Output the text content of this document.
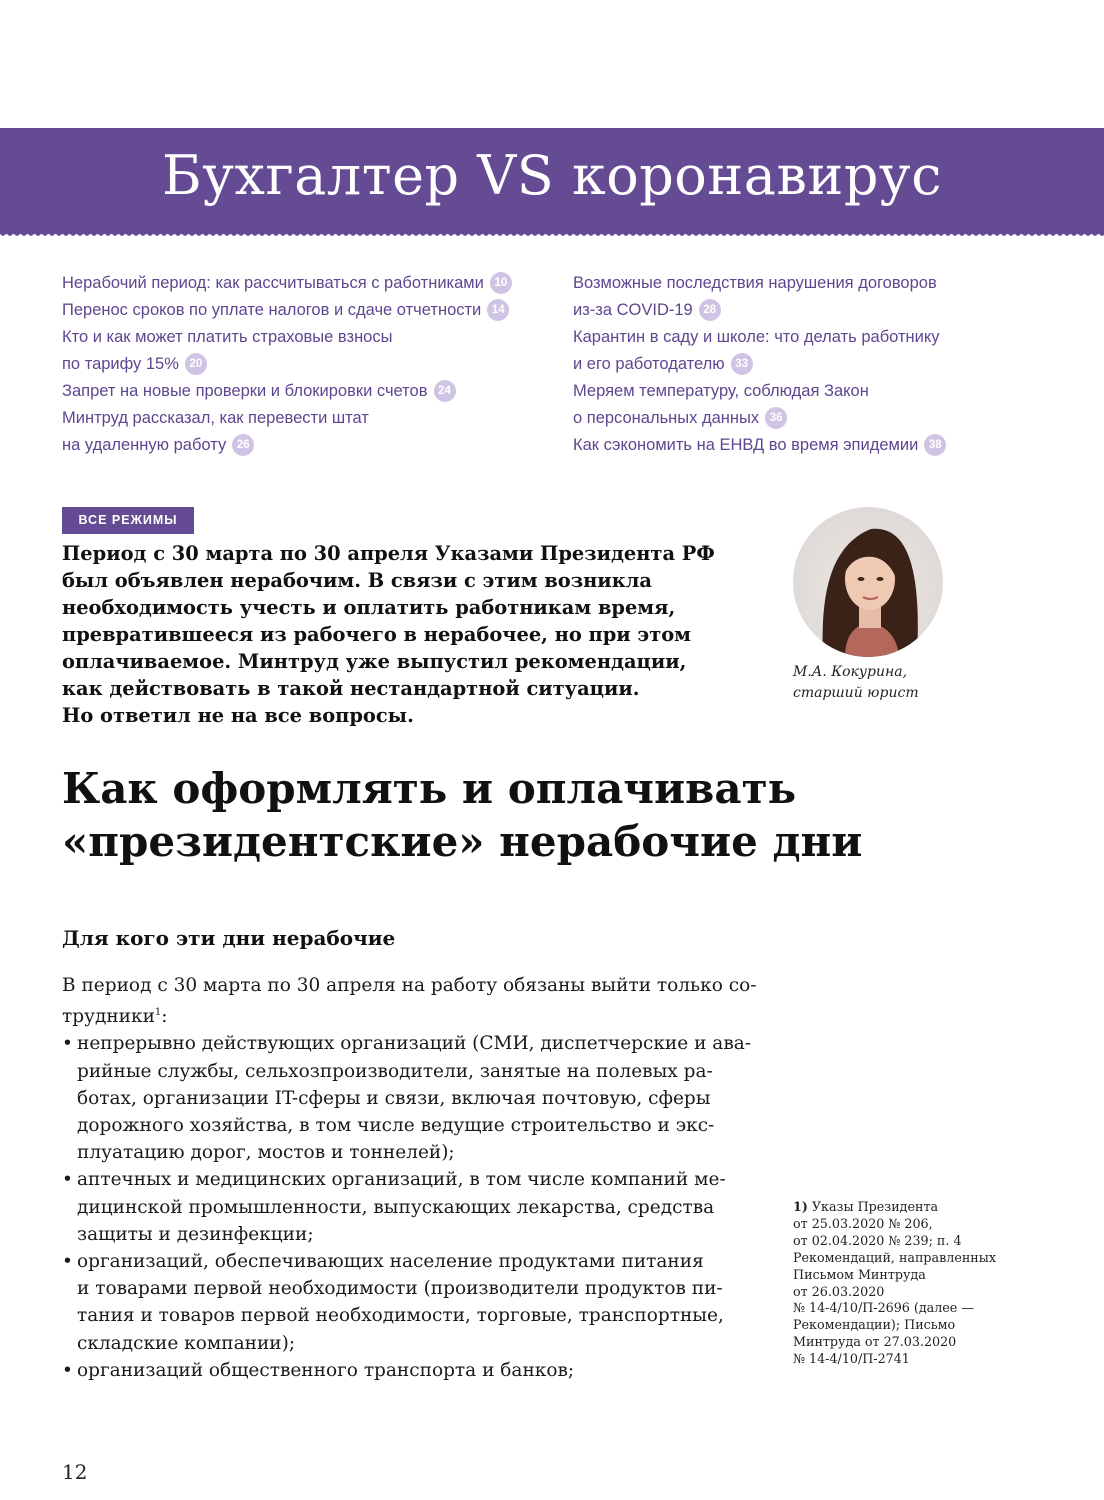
Бухгалтер VS коронавирус
Нерабочий период: как рассчитываться с работниками 10
Перенос сроков по уплате налогов и сдаче отчетности 14
Кто и как может платить страховые взносы
по тарифу 15% 20
Запрет на новые проверки и блокировки счетов 24
Минтруд рассказал, как перевести штат
на удаленную работу 26
Возможные последствия нарушения договоров
из-за COVID-19 28
Карантин в саду и школе: что делать работнику
и его работодателю 33
Меряем температуру, соблюдая Закон
о персональных данных 36
Как сэкономить на ЕНВД во время эпидемии 38
ВСЕ РЕЖИМЫ
Период с 30 марта по 30 апреля Указами Президента РФ
был объявлен нерабочим. В связи с этим возникла
необходимость учесть и оплатить работникам время,
превратившееся из рабочего в нерабочее, но при этом
оплачиваемое. Минтруд уже выпустил рекомендации,
как действовать в такой нестандартной ситуации.
Но ответил не на все вопросы.
М.А. Кокурина,
старший юрист
Как оформлять и оплачивать
«президентские» нерабочие дни
Для кого эти дни нерабочие
В период с 30 марта по 30 апреля на работу обязаны выйти только со-
трудники$^1$:
• непрерывно действующих организаций (СМИ, диспетчерские и ава-
рийные службы, сельхозпроизводители, занятые на полевых ра-
ботах, организации IT-сферы и связи, включая почтовую, сферы
дорожного хозяйства, в том числе ведущие строительство и экс-
плуатацию дорог, мостов и тоннелей);
• аптечных и медицинских организаций, в том числе компаний ме-
дицинской промышленности, выпускающих лекарства, средства
защиты и дезинфекции;
• организаций, обеспечивающих население продуктами питания
и товарами первой необходимости (производители продуктов пи-
тания и товаров первой необходимости, торговые, транспортные,
складские компании);
• организаций общественного транспорта и банков;
1) Указы Президента
от 25.03.2020 № 206,
от 02.04.2020 № 239; п. 4
Рекомендаций, направленных
Письмом Минтруда
от 26.03.2020
№ 14-4/10/П-2696 (далее —
Рекомендации); Письмо
Минтруда от 27.03.2020
№ 14-4/10/П-2741
12
